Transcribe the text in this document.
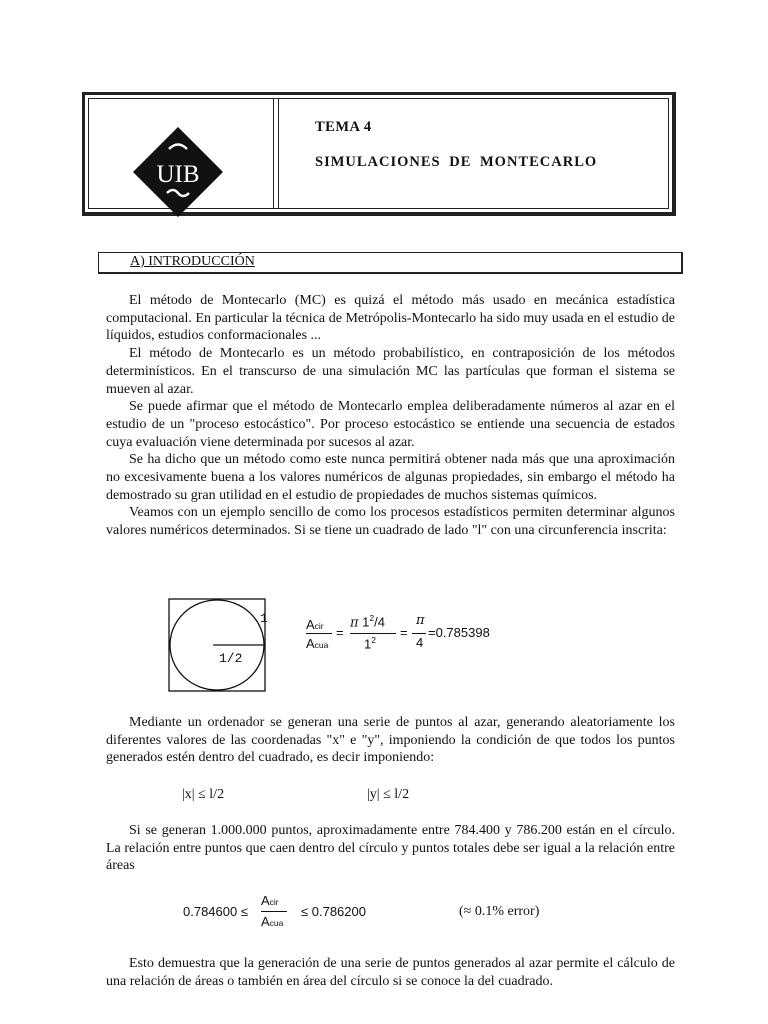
UIB
TEMA 4
SIMULACIONES DE MONTECARLO
A) INTRODUCCIÓN

El método de Montecarlo (MC) es quizá el método más usado en mecánica estadística computacional. En particular la técnica de Metrópolis-Montecarlo ha sido muy usada en el estudio de líquidos, estudios conformacionales ...

El método de Montecarlo es un método probabilístico, en contraposición de los métodos determinísticos. En el transcurso de una simulación MC las partículas que forman el sistema se mueven al azar.

Se puede afirmar que el método de Montecarlo emplea deliberadamente números al azar en el estudio de un "proceso estocástico". Por proceso estocástico se entiende una secuencia de estados cuya evaluación viene determinada por sucesos al azar.

Se ha dicho que un método como este nunca permitirá obtener nada más que una aproximación no excesivamente buena a los valores numéricos de algunas propiedades, sin embargo el método ha demostrado su gran utilidad en el estudio de propiedades de muchos sistemas químicos.

Veamos con un ejemplo sencillo de como los procesos estadísticos permiten determinar algunos valores numéricos determinados. Si se tiene un cuadrado de lado "l" con una circunferencia inscrita:

1
1/2
Acir
Acua
=
π $1^2/4$
$1^2$ =
π
4
=0.785398

Mediante un ordenador se generan una serie de puntos al azar, generando aleatoriamente los diferentes valores de las coordenadas "x" e "y", imponiendo la condición de que todos los puntos generados estén dentro del cuadrado, es decir imponiendo:

|x| ≤ l/2	|y| ≤ l/2

Si se generan 1.000.000 puntos, aproximadamente entre 784.400 y 786.200 están en el círculo. La relación entre puntos que caen dentro del círculo y puntos totales debe ser igual a la relación entre áreas

0.784600 ≤
Acir
Acua
≤ 0.786200	(≈ 0.1% error)

Esto demuestra que la generación de una serie de puntos generados al azar permite el cálculo de una relación de áreas o también en área del círculo si se conoce la del cuadrado.
